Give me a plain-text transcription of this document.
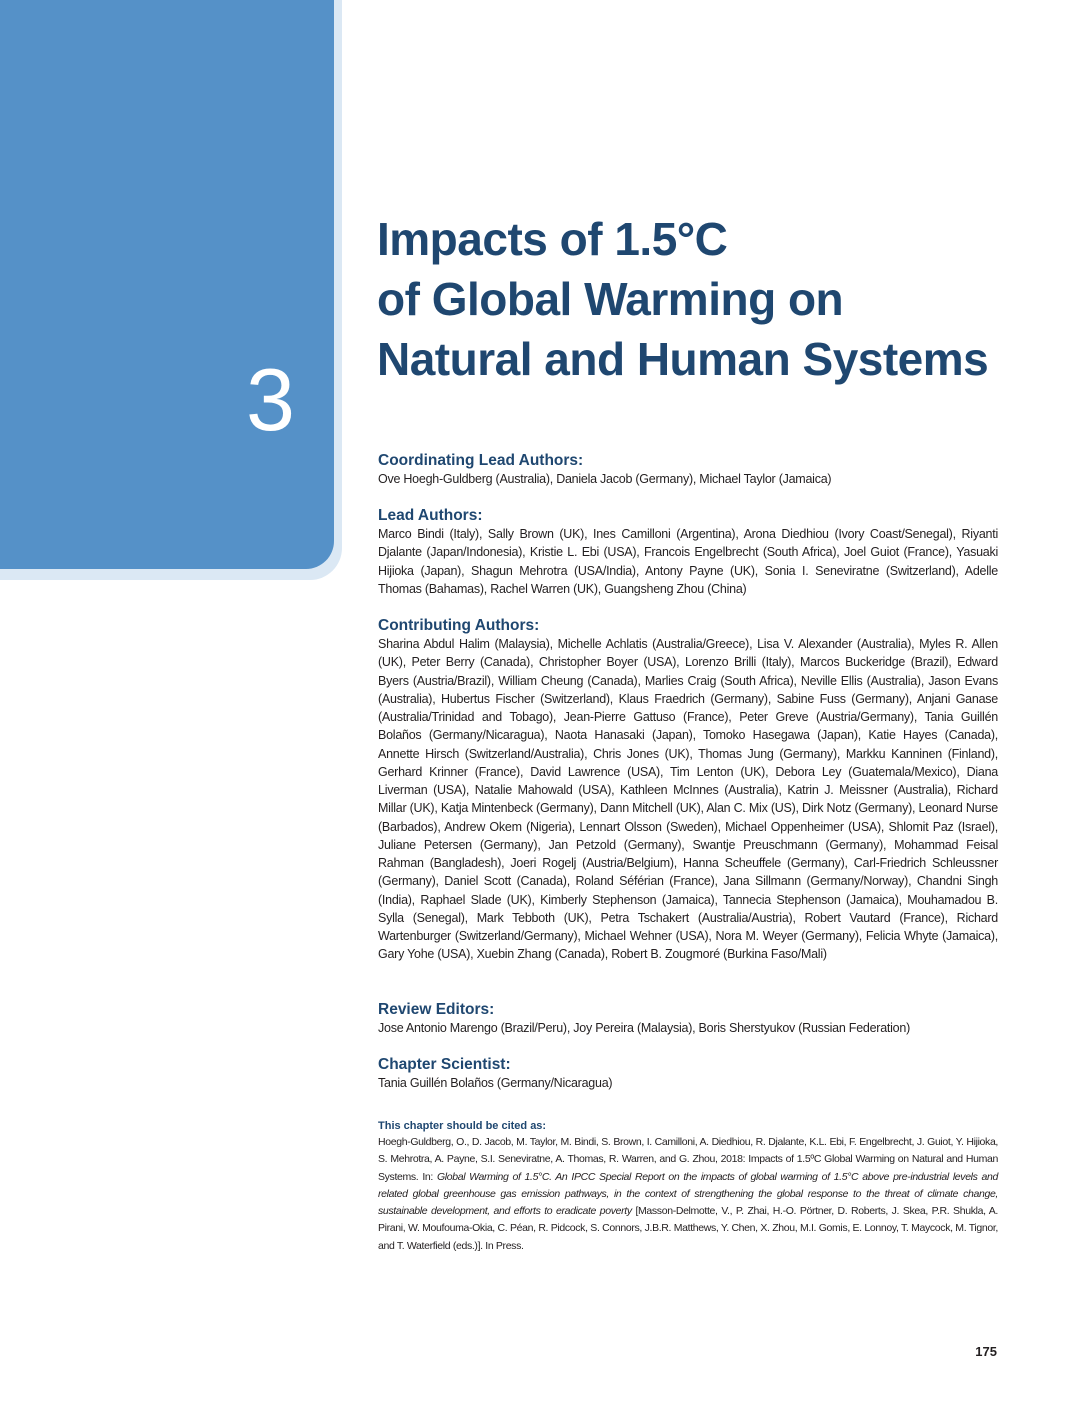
3
Impacts of 1.5°C
of Global Warming on
Natural and Human Systems
Coordinating Lead Authors:

Ove Hoegh-Guldberg (Australia), Daniela Jacob (Germany), Michael Taylor (Jamaica)

Lead Authors:

Marco Bindi (Italy), Sally Brown (UK), Ines Camilloni (Argentina), Arona Diedhiou (Ivory Coast/Senegal), Riyanti Djalante (Japan/Indonesia), Kristie L. Ebi (USA), Francois Engelbrecht (South Africa), Joel Guiot (France), Yasuaki Hijioka (Japan), Shagun Mehrotra (USA/India), Antony Payne (UK), Sonia I. Seneviratne (Switzerland), Adelle Thomas (Bahamas), Rachel Warren (UK), Guangsheng Zhou (China)

Contributing Authors:

Sharina Abdul Halim (Malaysia), Michelle Achlatis (Australia/Greece), Lisa V. Alexander (Australia), Myles R. Allen (UK), Peter Berry (Canada), Christopher Boyer (USA), Lorenzo Brilli (Italy), Marcos Buckeridge (Brazil), Edward Byers (Austria/Brazil), William Cheung (Canada), Marlies Craig (South Africa), Neville Ellis (Australia), Jason Evans (Australia), Hubertus Fischer (Switzerland), Klaus Fraedrich (Germany), Sabine Fuss (Germany), Anjani Ganase (Australia/Trinidad and Tobago), Jean-Pierre Gattuso (France), Peter Greve (Austria/Germany), Tania Guillén Bolaños (Germany/Nicaragua), Naota Hanasaki (Japan), Tomoko Hasegawa (Japan), Katie Hayes (Canada), Annette Hirsch (Switzerland/Australia), Chris Jones (UK), Thomas Jung (Germany), Markku Kanninen (Finland), Gerhard Krinner (France), David Lawrence (USA), Tim Lenton (UK), Debora Ley (Guatemala/Mexico), Diana Liverman (USA), Natalie Mahowald (USA), Kathleen McInnes (Australia), Katrin J. Meissner (Australia), Richard Millar (UK), Katja Mintenbeck (Germany), Dann Mitchell (UK), Alan C. Mix (US), Dirk Notz (Germany), Leonard Nurse (Barbados), Andrew Okem (Nigeria), Lennart Olsson (Sweden), Michael Oppenheimer (USA), Shlomit Paz (Israel), Juliane Petersen (Germany), Jan Petzold (Germany), Swantje Preuschmann (Germany), Mohammad Feisal Rahman (Bangladesh), Joeri Rogelj (Austria/Belgium), Hanna Scheuffele (Germany), Carl-Friedrich Schleussner (Germany), Daniel Scott (Canada), Roland Séférian (France), Jana Sillmann (Germany/Norway), Chandni Singh (India), Raphael Slade (UK), Kimberly Stephenson (Jamaica), Tannecia Stephenson (Jamaica), Mouhamadou B. Sylla (Senegal), Mark Tebboth (UK), Petra Tschakert (Australia/Austria), Robert Vautard (France), Richard Wartenburger (Switzerland/Germany), Michael Wehner (USA), Nora M. Weyer (Germany), Felicia Whyte (Jamaica), Gary Yohe (USA), Xuebin Zhang (Canada), Robert B. Zougmoré (Burkina Faso/Mali)

Review Editors:

Jose Antonio Marengo (Brazil/Peru), Joy Pereira (Malaysia), Boris Sherstyukov (Russian Federation)

Chapter Scientist:

Tania Guillén Bolaños (Germany/Nicaragua)

This chapter should be cited as:

Hoegh-Guldberg, O., D. Jacob, M. Taylor, M. Bindi, S. Brown, I. Camilloni, A. Diedhiou, R. Djalante, K.L. Ebi, F. Engelbrecht, J. Guiot, Y. Hijioka, S. Mehrotra, A. Payne, S.I. Seneviratne, A. Thomas, R. Warren, and G. Zhou, 2018: Impacts of 1.5ºC Global Warming on Natural and Human Systems. In: Global Warming of 1.5°C. An IPCC Special Report on the impacts of global warming of 1.5°C above pre-industrial levels and related global greenhouse gas emission pathways, in the context of strengthening the global response to the threat of climate change, sustainable development, and efforts to eradicate poverty [Masson-Delmotte, V., P. Zhai, H.-O. Pörtner, D. Roberts, J. Skea, P.R. Shukla, A. Pirani, W. Moufouma-Okia, C. Péan, R. Pidcock, S. Connors, J.B.R. Matthews, Y. Chen, X. Zhou, M.I. Gomis, E. Lonnoy, T. Maycock, M. Tignor, and T. Waterfield (eds.)]. In Press.

175
